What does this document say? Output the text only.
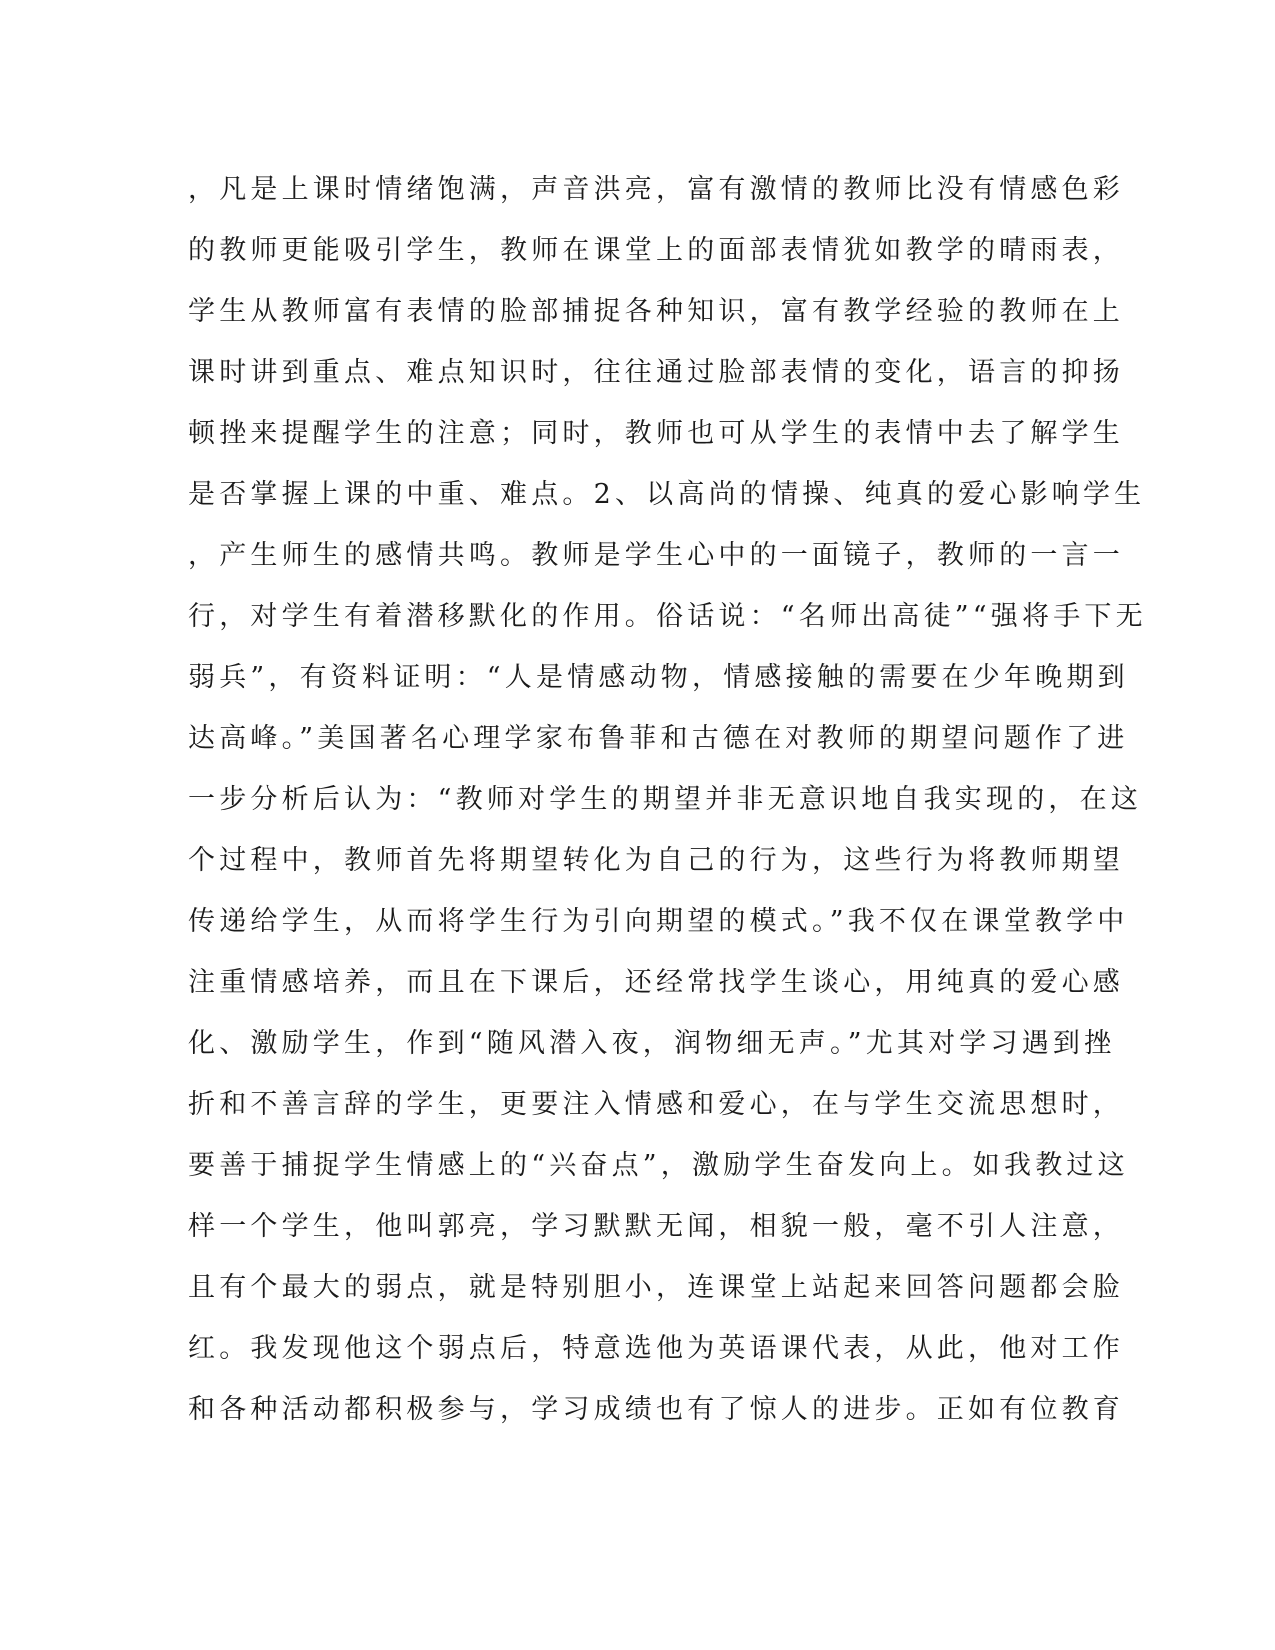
，凡是上课时情绪饱满，声音洪亮，富有激情的教师比没有情感色彩
的教师更能吸引学生，教师在课堂上的面部表情犹如教学的晴雨表，
学生从教师富有表情的脸部捕捉各种知识，富有教学经验的教师在上
课时讲到重点、难点知识时，往往通过脸部表情的变化，语言的抑扬
顿挫来提醒学生的注意；同时，教师也可从学生的表情中去了解学生
是否掌握上课的中重、难点。2、以高尚的情操、纯真的爱心影响学生
，产生师生的感情共鸣。教师是学生心中的一面镜子，教师的一言一
行，对学生有着潜移默化的作用。俗话说：“名师出高徒”“强将手下无
弱兵”，有资料证明：“人是情感动物，情感接触的需要在少年晚期到
达高峰。”美国著名心理学家布鲁菲和古德在对教师的期望问题作了进
一步分析后认为：“教师对学生的期望并非无意识地自我实现的，在这
个过程中，教师首先将期望转化为自己的行为，这些行为将教师期望
传递给学生，从而将学生行为引向期望的模式。”我不仅在课堂教学中
注重情感培养，而且在下课后，还经常找学生谈心，用纯真的爱心感
化、激励学生，作到“随风潜入夜，润物细无声。”尤其对学习遇到挫
折和不善言辞的学生，更要注入情感和爱心，在与学生交流思想时，
要善于捕捉学生情感上的“兴奋点”，激励学生奋发向上。如我教过这
样一个学生，他叫郭亮，学习默默无闻，相貌一般，毫不引人注意，
且有个最大的弱点，就是特别胆小，连课堂上站起来回答问题都会脸
红。我发现他这个弱点后，特意选他为英语课代表，从此，他对工作
和各种活动都积极参与，学习成绩也有了惊人的进步。正如有位教育
